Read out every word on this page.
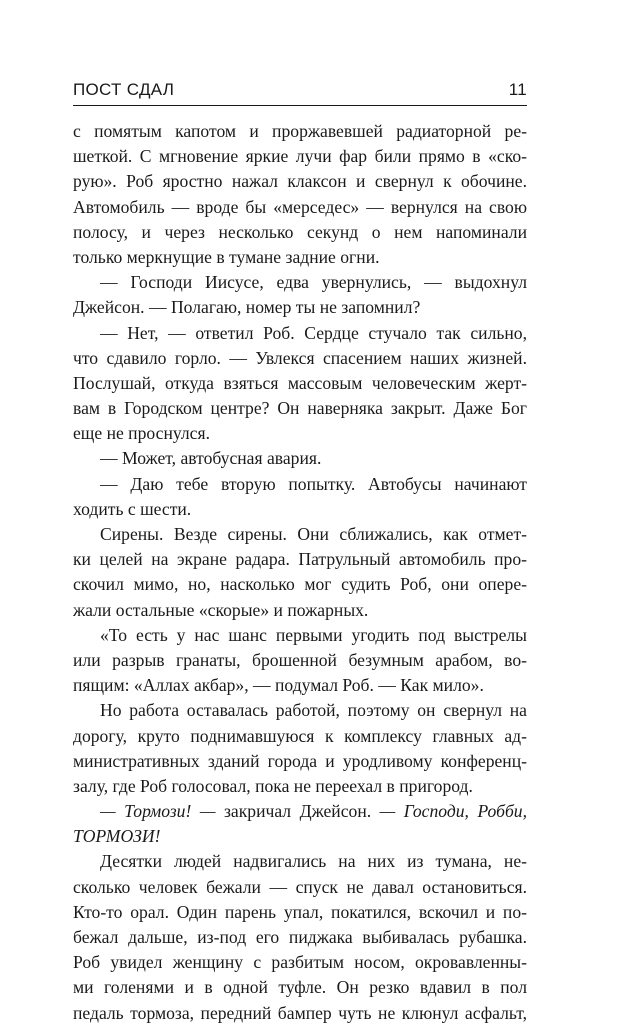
ПОСТ СДАЛ	11
с помятым капотом и проржавевшей радиаторной ре-
шеткой. С мгновение яркие лучи фар били прямо в «ско-
рую». Роб яростно нажал клаксон и свернул к обочине.
Автомобиль — вроде бы «мерседес» — вернулся на свою
полосу, и через несколько секунд о нем напоминали
только меркнущие в тумане задние огни.
— Господи Иисусе, едва увернулись, — выдохнул
Джейсон. — Полагаю, номер ты не запомнил?
— Нет, — ответил Роб. Сердце стучало так сильно,
что сдавило горло. — Увлекся спасением наших жизней.
Послушай, откуда взяться массовым человеческим жерт-
вам в Городском центре? Он наверняка закрыт. Даже Бог
еще не проснулся.
— Может, автобусная авария.
— Даю тебе вторую попытку. Автобусы начинают
ходить с шести.
Сирены. Везде сирены. Они сближались, как отмет-
ки целей на экране радара. Патрульный автомобиль про-
скочил мимо, но, насколько мог судить Роб, они опере-
жали остальные «скорые» и пожарных.
«То есть у нас шанс первыми угодить под выстрелы
или разрыв гранаты, брошенной безумным арабом, во-
пящим: «Аллах акбар», — подумал Роб. — Как мило».
Но работа оставалась работой, поэтому он свернул на
дорогу, круто поднимавшуюся к комплексу главных ад-
министративных зданий города и уродливому конференц-
залу, где Роб голосовал, пока не переехал в пригород.
— Тормози! — закричал Джейсон. — Господи, Робби,
ТОРМОЗИ!
Десятки людей надвигались на них из тумана, не-
сколько человек бежали — спуск не давал остановиться.
Кто-то орал. Один парень упал, покатился, вскочил и по-
бежал дальше, из-под его пиджака выбивалась рубашка.
Роб увидел женщину с разбитым носом, окровавленны-
ми голенями и в одной туфле. Он резко вдавил в пол
педаль тормоза, передний бампер чуть не клюнул асфальт,
